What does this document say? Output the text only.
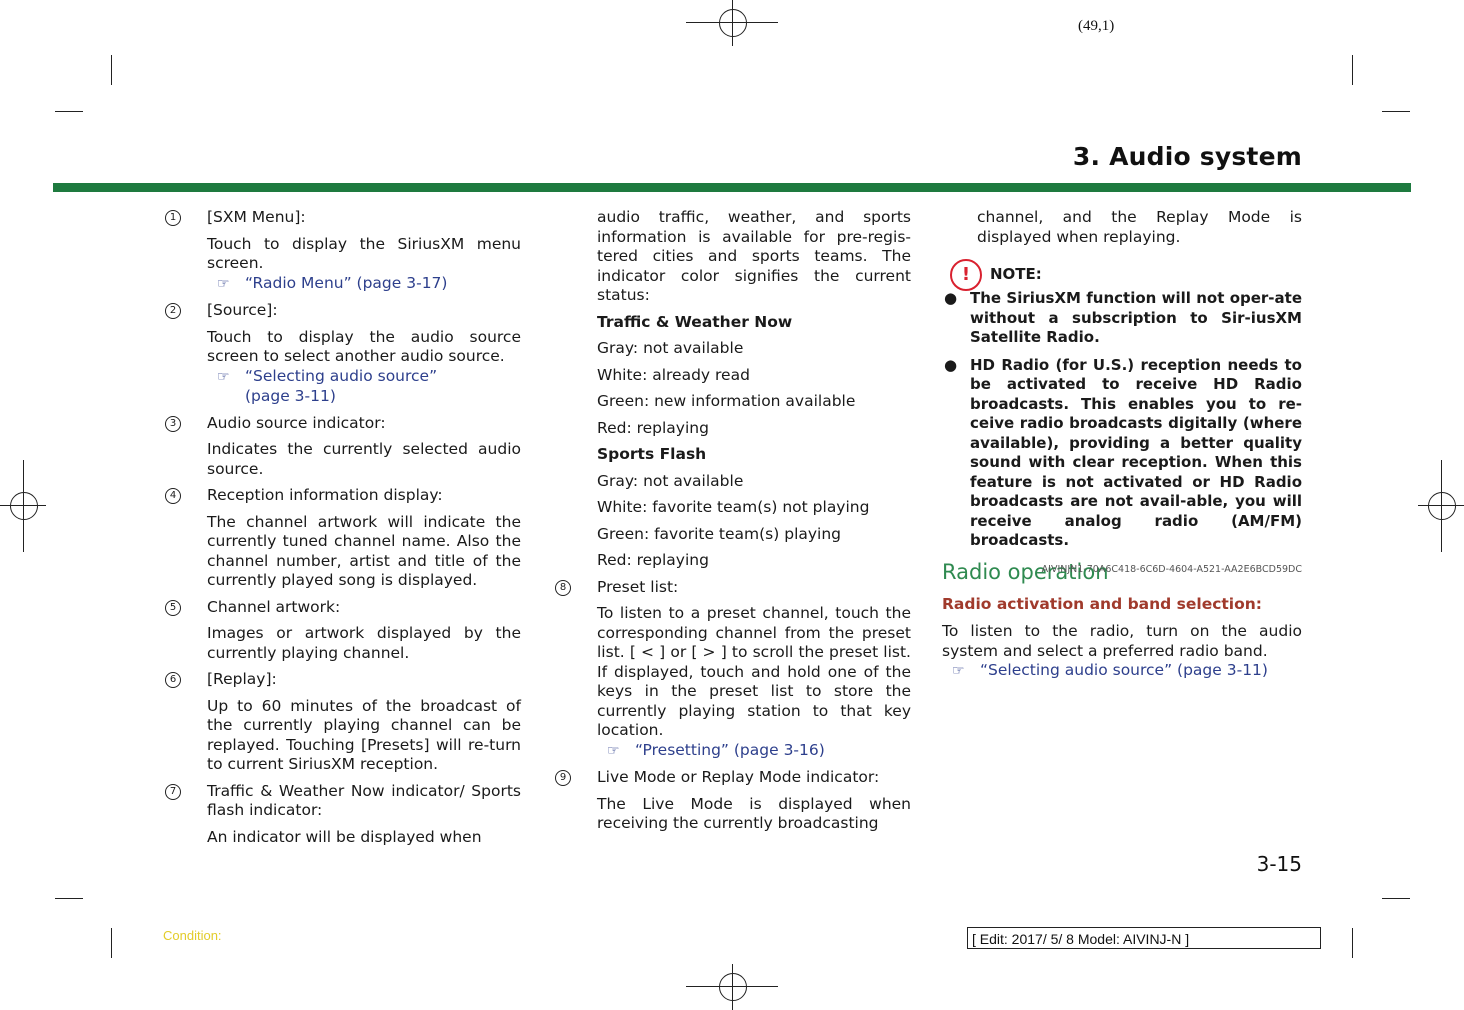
(49,1)
3. Audio system
1	[SXM Menu]:

Touch to display the SiriusXM menu screen.

☞ “Radio Menu” (page 3-17)
2	[Source]:

Touch to display the audio source screen to select another audio source.

☞ “Selecting audio source”
(page 3-11)
3	Audio source indicator:

Indicates the currently selected audio source.

4	Reception information display:

The channel artwork will indicate the currently tuned channel name. Also the channel number, artist and title of the currently played song is displayed.

5	Channel artwork:

Images or artwork displayed by the currently playing channel.

6	[Replay]:

Up to 60 minutes of the broadcast of the currently playing channel can be replayed. Touching [Presets] will re-turn to current SiriusXM reception.

7	Traffic & Weather Now indicator/ Sports flash indicator:

An indicator will be displayed when

audio traffic, weather, and sports information is available for pre-regis-tered cities and sports teams. The indicator color signifies the current status:

Traffic & Weather Now
Gray: not available
White: already read
Green: new information available
Red: replaying
Sports Flash
Gray: not available
White: favorite team(s) not playing
Green: favorite team(s) playing
Red: replaying
8	Preset list:

To listen to a preset channel, touch the corresponding channel from the preset list. [ < ] or [ > ] to scroll the preset list. If displayed, touch and hold one of the keys in the preset list to store the currently playing station to that key location.

☞ “Presetting” (page 3-16)
9	Live Mode or Replay Mode indicator:

The Live Mode is displayed when receiving the currently broadcasting

channel, and the Replay Mode is displayed when replaying.

!	NOTE:
● The SiriusXM function will not oper-ate without a subscription to Sir-iusXM Satellite Radio.

● HD Radio (for U.S.) reception needs to be activated to receive HD Radio broadcasts. This enables you to re-ceive radio broadcasts digitally (where available), providing a better quality sound with clear reception. When this feature is not activated or HD Radio broadcasts are not avail-able, you will receive analog radio (AM/FM) broadcasts.

Radio operation
AIVINJN1-70A6C418-6C6D-4604-A521-AA2E6BCD59DC
Radio activation and band selection:

To listen to the radio, turn on the audio system and select a preferred radio band.

☞ “Selecting audio source” (page 3-11)
3-15
Condition:	[ Edit: 2017/ 5/ 8 Model: AIVINJ-N ]
